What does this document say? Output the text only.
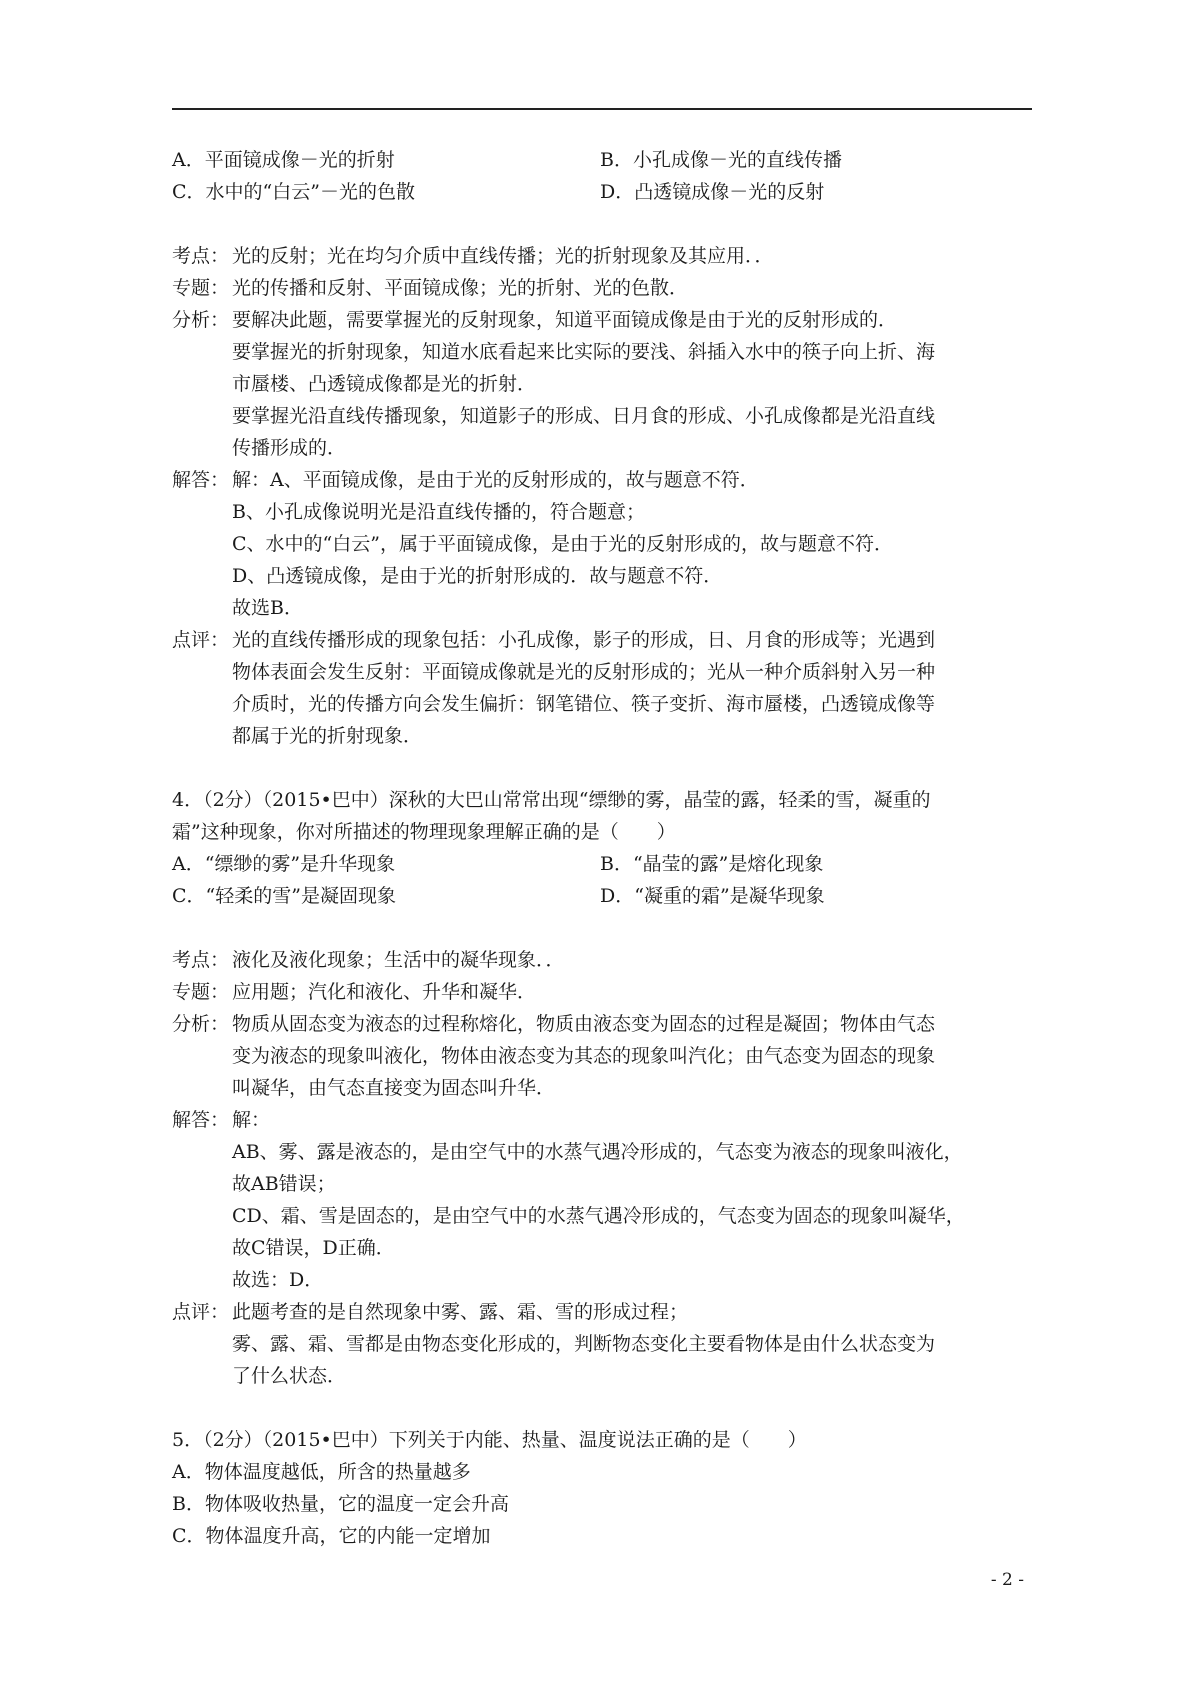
A．平面镜成像－光的折射	B．小孔成像－光的直线传播
C．水中的“白云”－光的色散	D．凸透镜成像－光的反射
考点： 光的反射；光在均匀介质中直线传播；光的折射现象及其应用．．
专题： 光的传播和反射、平面镜成像；光的折射、光的色散．
分析： 要解决此题，需要掌握光的反射现象，知道平面镜成像是由于光的反射形成的．
要掌握光的折射现象，知道水底看起来比实际的要浅、斜插入水中的筷子向上折、海
市蜃楼、凸透镜成像都是光的折射．
要掌握光沿直线传播现象，知道影子的形成、日月食的形成、小孔成像都是光沿直线
传播形成的．
解答： 解：A、平面镜成像，是由于光的反射形成的，故与题意不符．
B、小孔成像说明光是沿直线传播的，符合题意；
C、水中的“白云”，属于平面镜成像，是由于光的反射形成的，故与题意不符．
D、凸透镜成像，是由于光的折射形成的．故与题意不符．
故选B．
点评： 光的直线传播形成的现象包括：小孔成像，影子的形成，日、月食的形成等；光遇到
物体表面会发生反射：平面镜成像就是光的反射形成的；光从一种介质斜射入另一种
介质时，光的传播方向会发生偏折：钢笔错位、筷子变折、海市蜃楼，凸透镜成像等
都属于光的折射现象．
4．（2分）（2015•巴中）深秋的大巴山常常出现“缥缈的雾，晶莹的露，轻柔的雪，凝重的
霜”这种现象，你对所描述的物理现象理解正确的是（　　）
A．“缥缈的雾”是升华现象	B．“晶莹的露”是熔化现象
C．“轻柔的雪”是凝固现象	D．“凝重的霜”是凝华现象
考点： 液化及液化现象；生活中的凝华现象．．
专题： 应用题；汽化和液化、升华和凝华．
分析： 物质从固态变为液态的过程称熔化，物质由液态变为固态的过程是凝固；物体由气态
变为液态的现象叫液化，物体由液态变为其态的现象叫汽化；由气态变为固态的现象
叫凝华，由气态直接变为固态叫升华．
解答： 解：
AB、雾、露是液态的，是由空气中的水蒸气遇冷形成的，气态变为液态的现象叫液化，
故AB错误；
CD、霜、雪是固态的，是由空气中的水蒸气遇冷形成的，气态变为固态的现象叫凝华，
故C错误，D正确．
故选：D．
点评： 此题考查的是自然现象中雾、露、霜、雪的形成过程；
雾、露、霜、雪都是由物态变化形成的，判断物态变化主要看物体是由什么状态变为
了什么状态．
5．（2分）（2015•巴中）下列关于内能、热量、温度说法正确的是（　　）
A．物体温度越低，所含的热量越多
B．物体吸收热量，它的温度一定会升高
C．物体温度升高，它的内能一定增加
- 2 -
